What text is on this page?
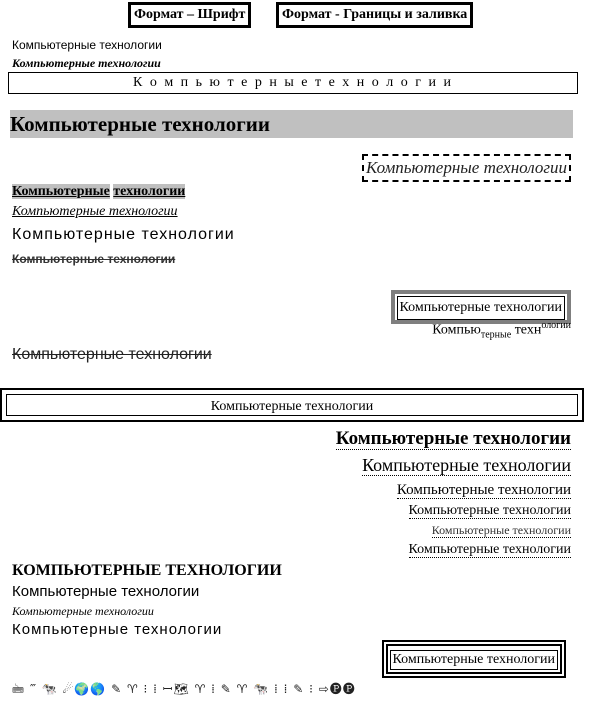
Формат – Шрифт	Формат - Границы и заливка
Компьютерные технологии
Компьютерные технологии
К о м п ь ю т е р н ы е т е х н о л о г и и
Компьютерные технологии
Компьютерные технологии
Компьютерные технологии
Компьютерные технологии
Компьютерные технологии
Компьютерные технологии
Компьютерные технологии
Компью$_{терные}$ техн$^{ологии}$
Компьютерные технологии
Компьютерные технологии
Компьютерные технологии
Компьютерные технологии
Компьютерные технологии
Компьютерные технологии
Компьютерные технологии
Компьютерные технологии
КОМПЬЮТЕРНЫЕ ТЕХНОЛОГИИ
Компьютерные технологии
Компьютерные технологии
Компьютерные технологии
Компьютерные технологии
🖮 ‴ 🐄 ☄🌍🌎 ✎ ♈ ⁝ ⁞ ꟷ🗺 ♈ ⁞ ✎ ♈ 🐄 ⁞ ⁞ ✎ ⁝ ⇨🅟🅟
